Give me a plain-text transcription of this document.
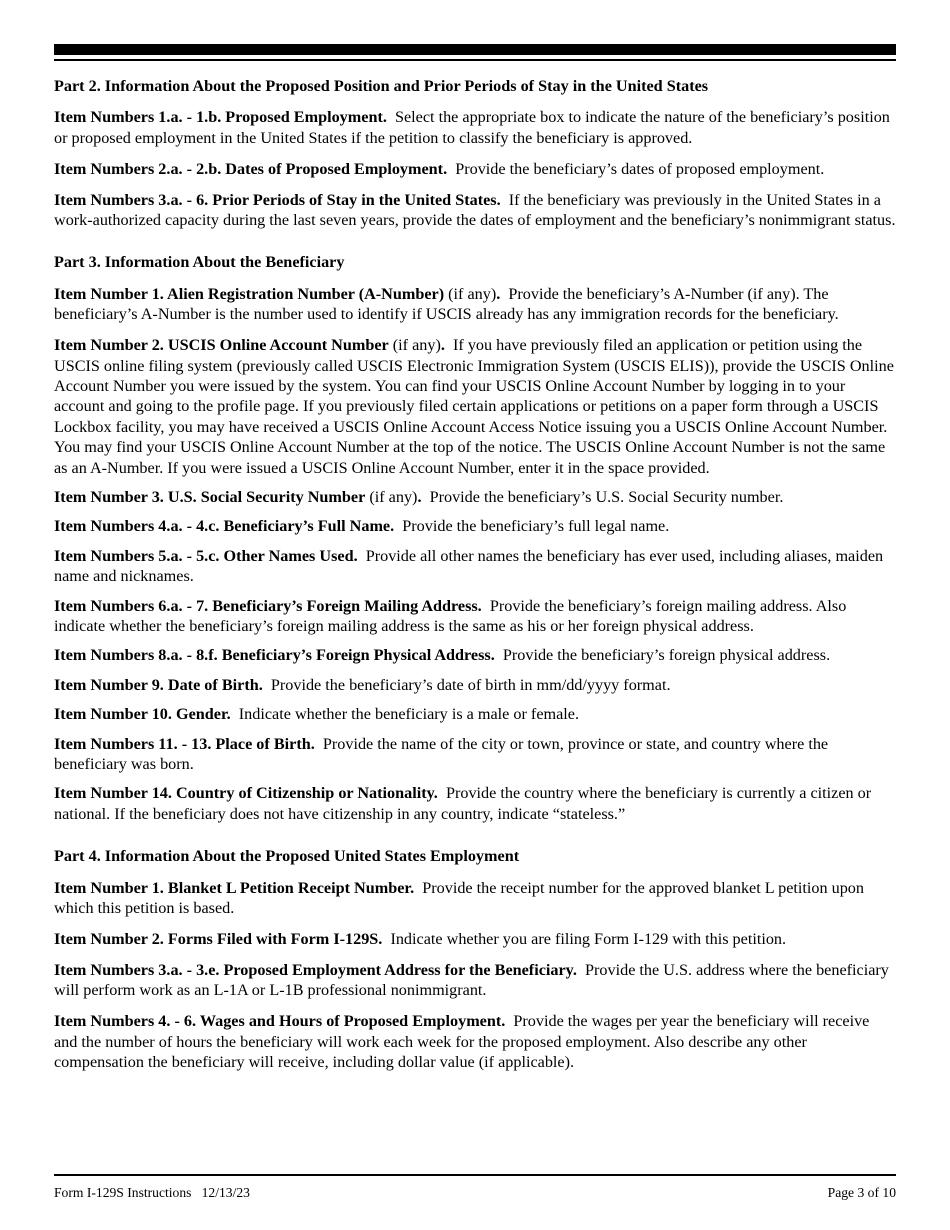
Part 2. Information About the Proposed Position and Prior Periods of Stay in the United States

Item Numbers 1.a. - 1.b. Proposed Employment. Select the appropriate box to indicate the nature of the beneficiary’s position or proposed employment in the United States if the petition to classify the beneficiary is approved.

Item Numbers 2.a. - 2.b. Dates of Proposed Employment. Provide the beneficiary’s dates of proposed employment.

Item Numbers 3.a. - 6. Prior Periods of Stay in the United States. If the beneficiary was previously in the United States in a work-authorized capacity during the last seven years, provide the dates of employment and the beneficiary’s nonimmigrant status.

Part 3. Information About the Beneficiary

Item Number 1. Alien Registration Number (A-Number) (if any). Provide the beneficiary’s A-Number (if any). The beneficiary’s A-Number is the number used to identify if USCIS already has any immigration records for the beneficiary.

Item Number 2. USCIS Online Account Number (if any). If you have previously filed an application or petition using the USCIS online filing system (previously called USCIS Electronic Immigration System (USCIS ELIS)), provide the USCIS Online Account Number you were issued by the system. You can find your USCIS Online Account Number by logging in to your account and going to the profile page. If you previously filed certain applications or petitions on a paper form through a USCIS Lockbox facility, you may have received a USCIS Online Account Access Notice issuing you a USCIS Online Account Number. You may find your USCIS Online Account Number at the top of the notice. The USCIS Online Account Number is not the same as an A-Number. If you were issued a USCIS Online Account Number, enter it in the space provided.

Item Number 3. U.S. Social Security Number (if any). Provide the beneficiary’s U.S. Social Security number.

Item Numbers 4.a. - 4.c. Beneficiary’s Full Name. Provide the beneficiary’s full legal name.

Item Numbers 5.a. - 5.c. Other Names Used. Provide all other names the beneficiary has ever used, including aliases, maiden name and nicknames.

Item Numbers 6.a. - 7. Beneficiary’s Foreign Mailing Address. Provide the beneficiary’s foreign mailing address. Also indicate whether the beneficiary’s foreign mailing address is the same as his or her foreign physical address.

Item Numbers 8.a. - 8.f. Beneficiary’s Foreign Physical Address. Provide the beneficiary’s foreign physical address.

Item Number 9. Date of Birth. Provide the beneficiary’s date of birth in mm/dd/yyyy format.

Item Number 10. Gender. Indicate whether the beneficiary is a male or female.

Item Numbers 11. - 13. Place of Birth. Provide the name of the city or town, province or state, and country where the beneficiary was born.

Item Number 14. Country of Citizenship or Nationality. Provide the country where the beneficiary is currently a citizen or national. If the beneficiary does not have citizenship in any country, indicate “stateless.”

Part 4. Information About the Proposed United States Employment

Item Number 1. Blanket L Petition Receipt Number. Provide the receipt number for the approved blanket L petition upon which this petition is based.

Item Number 2. Forms Filed with Form I-129S. Indicate whether you are filing Form I-129 with this petition.

Item Numbers 3.a. - 3.e. Proposed Employment Address for the Beneficiary. Provide the U.S. address where the beneficiary will perform work as an L-1A or L-1B professional nonimmigrant.

Item Numbers 4. - 6. Wages and Hours of Proposed Employment. Provide the wages per year the beneficiary will receive and the number of hours the beneficiary will work each week for the proposed employment. Also describe any other compensation the beneficiary will receive, including dollar value (if applicable).

Form I-129S Instructions   12/13/23	Page 3 of 10
